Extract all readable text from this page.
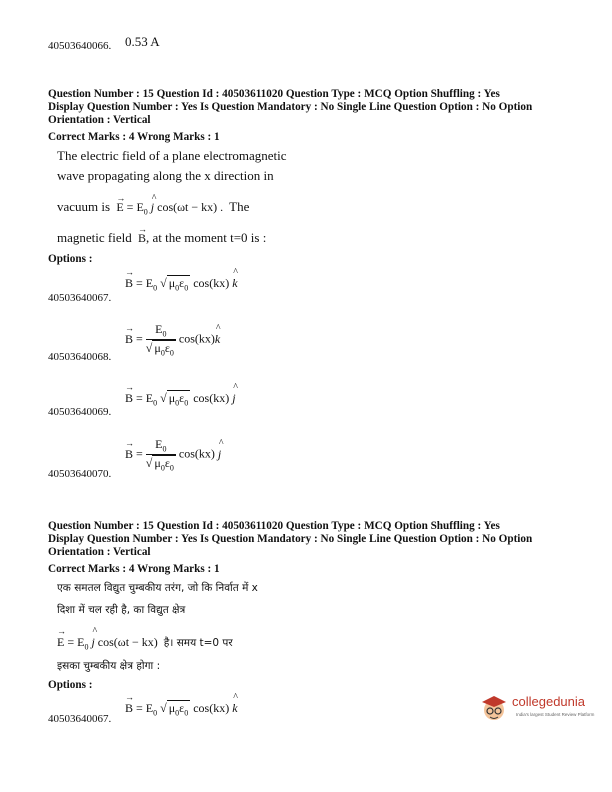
40503640066. 0.53 A
Question Number : 15 Question Id : 40503611020 Question Type : MCQ Option Shuffling : Yes
Display Question Number : Yes Is Question Mandatory : No Single Line Question Option : No Option
Orientation : Vertical
Correct Marks : 4 Wrong Marks : 1
The electric field of a plane electromagnetic
wave propagating along the x direction in
vacuum is → $E = E_0$ ^ j cos(ωt − kx) .  The
magnetic field → B, at the moment t=0 is :
Options :
→ $B = E_0$ √ $\mu_0\varepsilon_0$ cos(kx) ^ k
40503640067.
→ $B = \frac{E_0}{√ \mu_0\varepsilon_0}$ cos(kx)^ k
40503640068.
→ $B = E_0$ √ $\mu_0\varepsilon_0$ cos(kx) ^ j
40503640069.
→ $B = \frac{E_0}{√ \mu_0\varepsilon_0} \cos(kx)$ ^ j
40503640070.
Question Number : 15 Question Id : 40503611020 Question Type : MCQ Option Shuffling : Yes
Display Question Number : Yes Is Question Mandatory : No Single Line Question Option : No Option
Orientation : Vertical
Correct Marks : 4 Wrong Marks : 1
एक समतल विद्युत चुम्बकीय तरंग, जो कि निर्वात में x
दिशा में चल रही है, का विद्युत क्षेत्र
→ $E = E_0$ ^ j cos(ωt − kx)  है। समय t=0 पर
इसका चुम्बकीय क्षेत्र होगा :
Options :
→ $B = E_0$ √ $\mu_0\varepsilon_0$ cos(kx) ^ k
40503640067.
collegedunia
India's largest Student Review Platform
